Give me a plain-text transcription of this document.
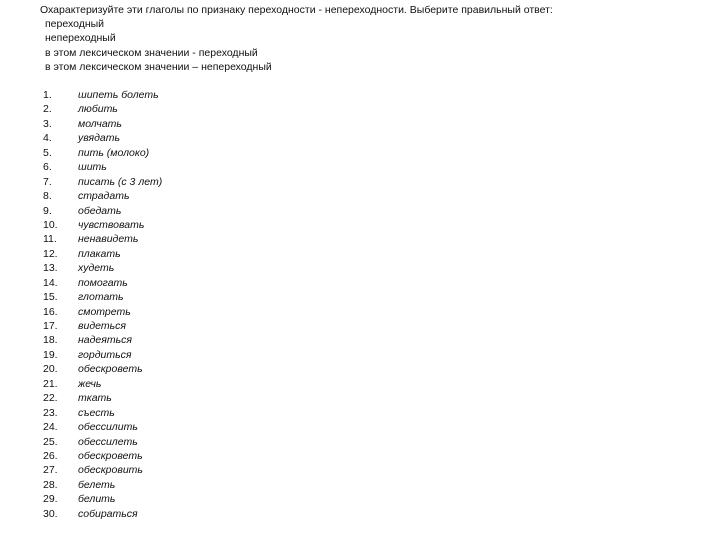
Охарактеризуйте эти глаголы по признаку переходности - непереходности. Выберите правильный ответ:
переходный
непереходный
в этом лексическом значении - переходный
в этом лексическом значении – непереходный
1. шипеть болеть
2. любить
3. молчать
4. увядать
5. пить (молоко)
6. шить
7. писать (с 3 лет)
8. страдать
9. обедать
10. чувствовать
11. ненавидеть
12. плакать
13. худеть
14. помогать
15. глотать
16. смотреть
17. видеться
18. надеяться
19. гордиться
20. обескроветь
21. жечь
22. ткать
23. съесть
24. обессилить
25. обессилеть
26. обескроветь
27. обескровить
28. белеть
29. белить
30. собираться
